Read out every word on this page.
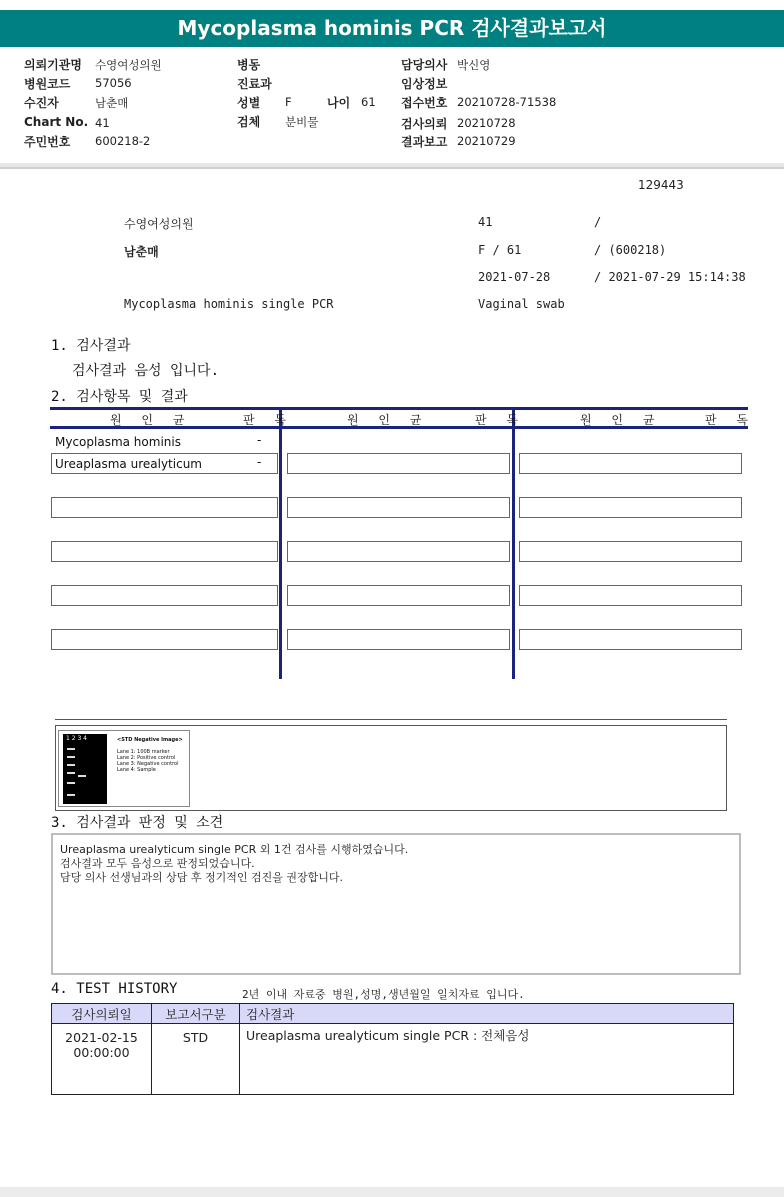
Mycoplasma hominis PCR 검사결과보고서
의뢰기관명 수영여성의원
병원코드 57056
수진자	남춘매
Chart No. 41
주민번호 600218-2
병동
진료과
성별 F	나이 61
검체 분비물
담당의사 박신영
임상정보
접수번호 20210728-71538
검사의뢰 20210728
결과보고 20210729
129443
수영여성의원	41	/
남춘매	F / 61	/ (600218)
2021-07-28	/ 2021-07-29 15:14:38
Mycoplasma hominis single PCR	Vaginal swab
1. 검사결과
검사결과 음성 입니다.
2. 검사항목 및 결과
원 인 균	판 독	원 인 균	판 독	원 인 균	판 독
Mycoplasma hominis	-
Ureaplasma urealyticum	-
1 2 3 4	<STD Negative Image>
Lane 1: 100B marker
Lane 2: Positive control
Lane 3: Negative control
Lane 4: Sample
3. 검사결과 판정 및 소견
Ureaplasma urealyticum single PCR 외 1건 검사를 시행하였습니다.
검사결과 모두 음성으로 판정되었습니다.
담당 의사 선생님과의 상담 후 정기적인 검진을 권장합니다.
4. TEST HISTORY	2년 이내 자료중 병원,성명,생년월일 일치자료 입니다.
검사의뢰일	보고서구분	검사결과

2021-02-15
00:00:00	STD	Ureaplasma urealyticum single PCR : 전체음성
